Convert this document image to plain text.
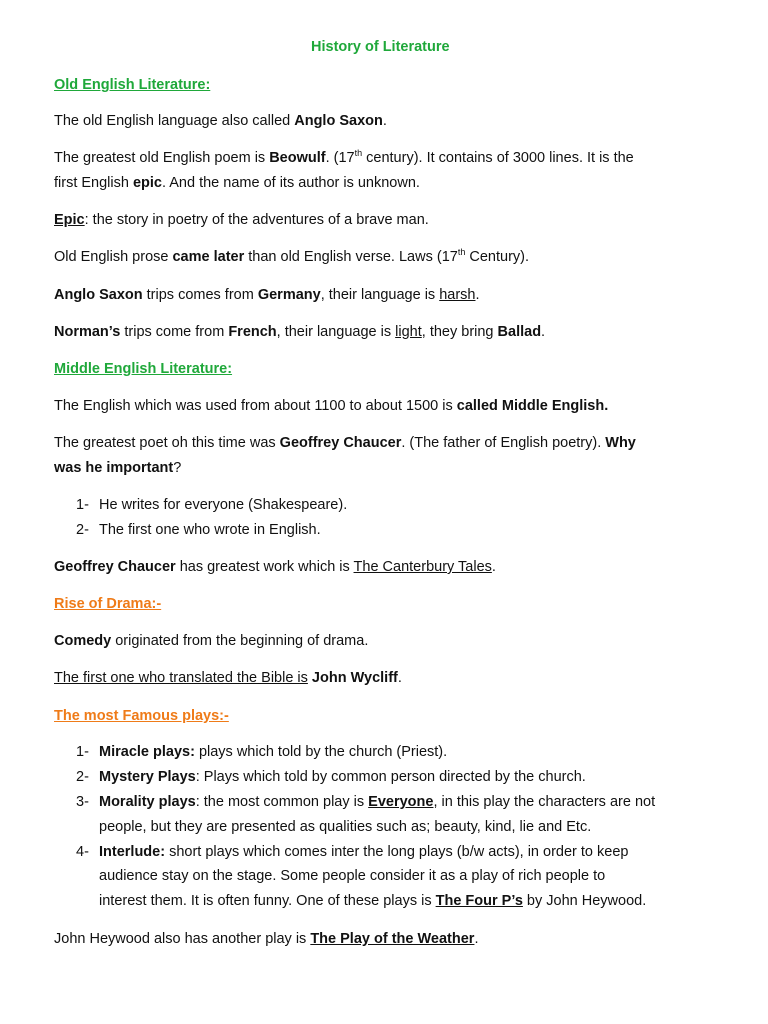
History of Literature
Old English Literature:
The old English language also called Anglo Saxon.
The greatest old English poem is Beowulf. (17th century). It contains of 3000 lines. It is the
first English epic. And the name of its author is unknown.
Epic: the story in poetry of the adventures of a brave man.
Old English prose came later than old English verse. Laws (17th Century).
Anglo Saxon trips comes from Germany, their language is harsh.
Norman’s trips come from French, their language is light, they bring Ballad.
Middle English Literature:
The English which was used from about 1100 to about 1500 is called Middle English.
The greatest poet oh this time was Geoffrey Chaucer. (The father of English poetry). Why
was he important?
1- He writes for everyone (Shakespeare).
2- The first one who wrote in English.
Geoffrey Chaucer has greatest work which is The Canterbury Tales.
Rise of Drama:-
Comedy originated from the beginning of drama.
The first one who translated the Bible is John Wycliff.
The most Famous plays:-
1- Miracle plays: plays which told by the church (Priest).
2- Mystery Plays: Plays which told by common person directed by the church.
3- Morality plays: the most common play is Everyone, in this play the characters are not
people, but they are presented as qualities such as; beauty, kind, lie and Etc.
4- Interlude: short plays which comes inter the long plays (b/w acts), in order to keep
audience stay on the stage. Some people consider it as a play of rich people to
interest them. It is often funny. One of these plays is The Four P’s by John Heywood.
John Heywood also has another play is The Play of the Weather.
